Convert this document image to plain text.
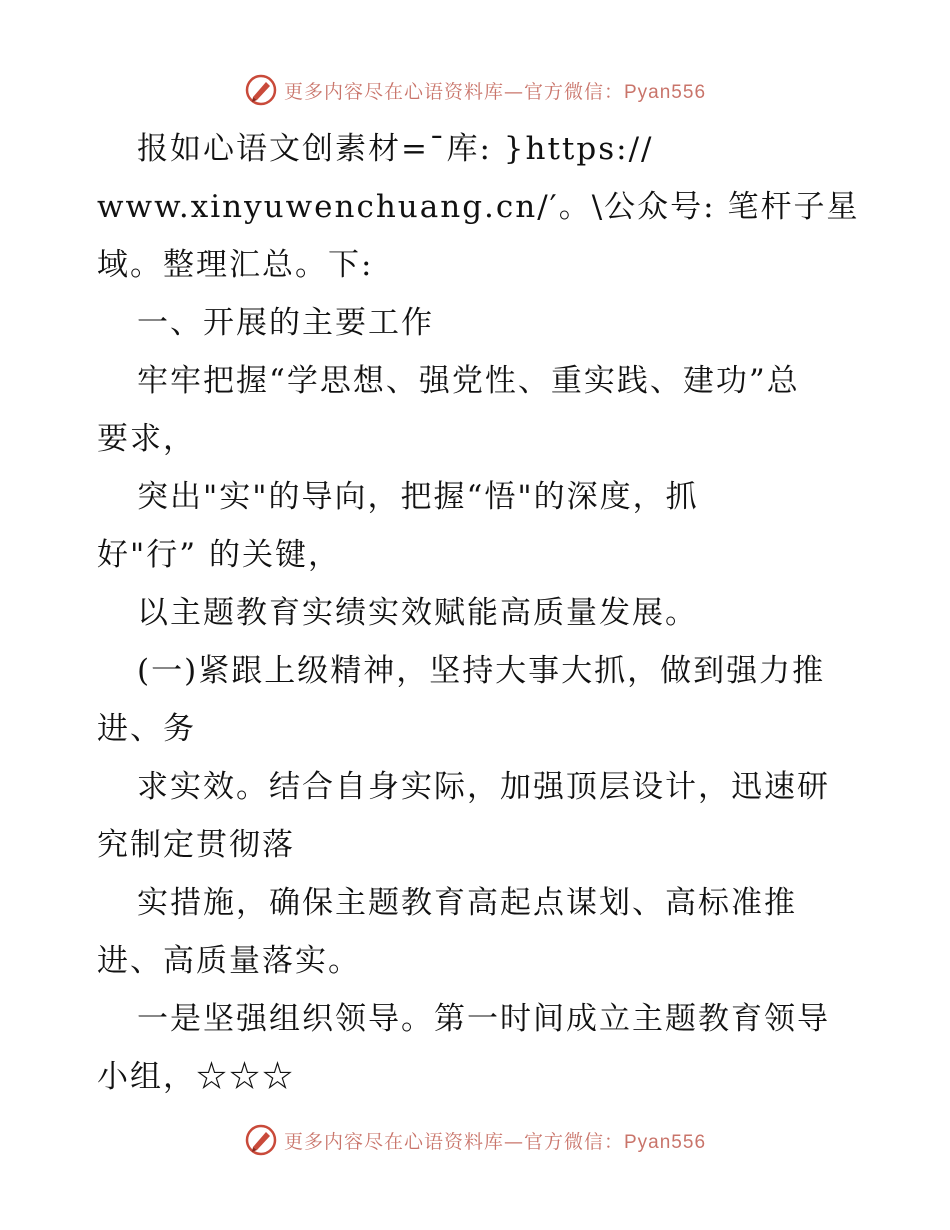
更多内容尽在心语资料库—官方微信：Pyan556
报如心语文创素材=¯库: }https://
www.xinyuwenchuang.cn/′。\公众号: 笔杆子星
域。整理汇总。下:
一、开展的主要工作
牢牢把握“学思想、强党性、重实践、建功”总
要求，
突出"实"的导向，把握“悟"的深度，抓
好"行” 的关键，
以主题教育实绩实效赋能高质量发展。
(一)紧跟上级精神，坚持大事大抓，做到强力推
进、务
求实效。结合自身实际，加强顶层设计，迅速研
究制定贯彻落
实措施，确保主题教育高起点谋划、高标准推
进、高质量落实。
一是坚强组织领导。第一时间成立主题教育领导
小组，☆☆☆
更多内容尽在心语资料库—官方微信：Pyan556
